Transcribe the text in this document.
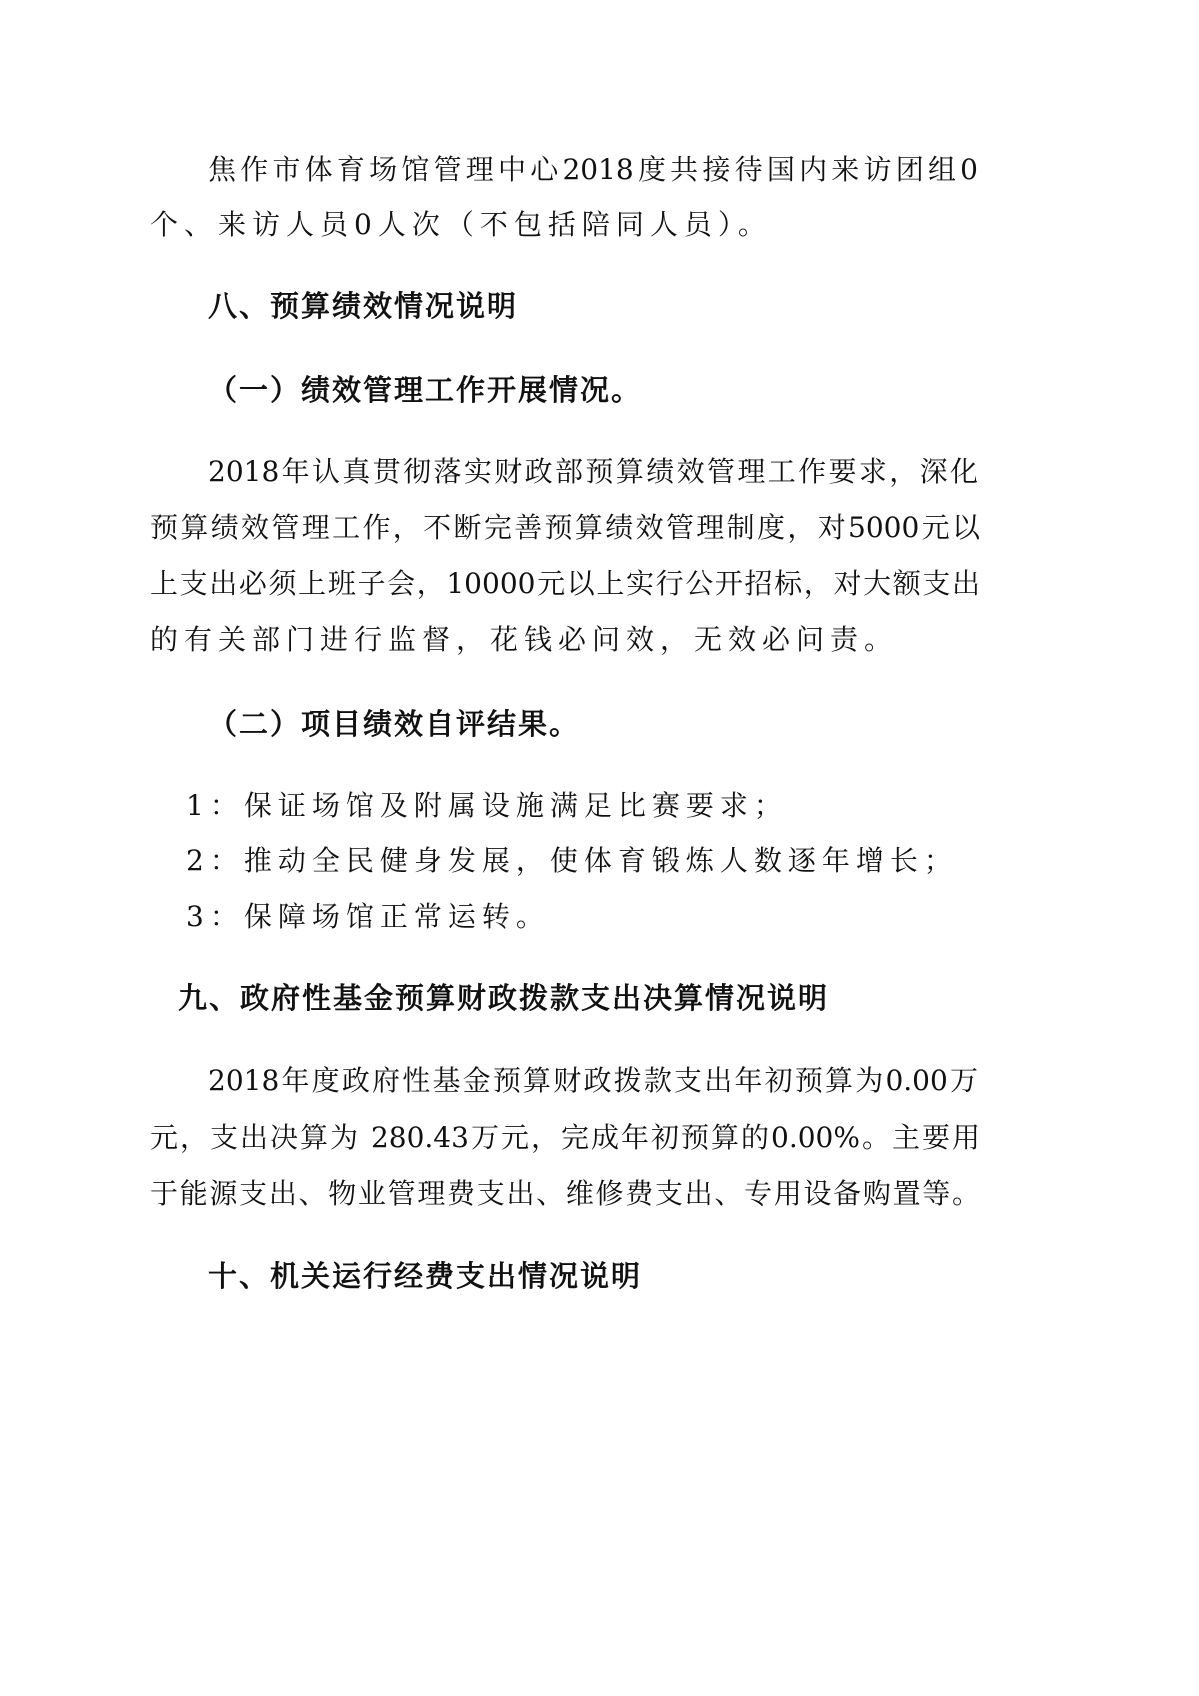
焦作市体育场馆管理中心2018度共接待国内来访团组0
个、来访人员0人次（不包括陪同人员）。
八、预算绩效情况说明
（一）绩效管理工作开展情况。
2018年认真贯彻落实财政部预算绩效管理工作要求，深化
预算绩效管理工作，不断完善预算绩效管理制度，对5000元以
上支出必须上班子会，10000元以上实行公开招标，对大额支出
的有关部门进行监督，花钱必问效，无效必问责。
（二）项目绩效自评结果。
1：保证场馆及附属设施满足比赛要求；
2：推动全民健身发展，使体育锻炼人数逐年增长；
3：保障场馆正常运转。
九、政府性基金预算财政拨款支出决算情况说明
2018年度政府性基金预算财政拨款支出年初预算为0.00万
元，支出决算为 280.43万元，完成年初预算的0.00%。主要用
于能源支出、物业管理费支出、维修费支出、专用设备购置等。
十、机关运行经费支出情况说明
